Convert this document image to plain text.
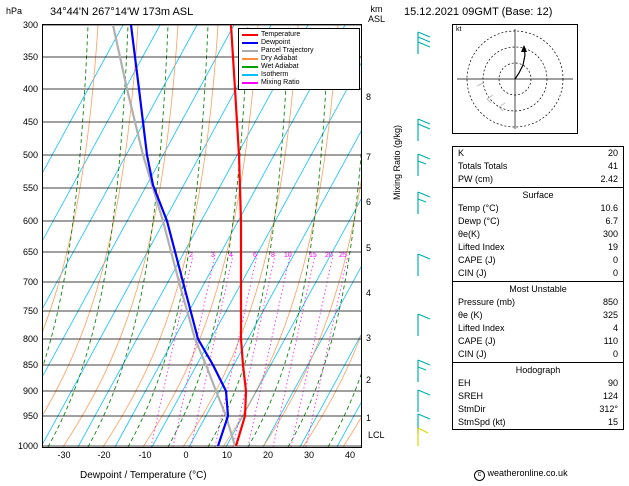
hPa	34°44'N 267°14'W 173m ASL	km
ASL
15.12.2021 09GMT (Base: 12)
2	3 4	6 8 10 15 20 25
Temperature
Dewpoint
Parcel Trajectory
Dry Adiabat
Wet Adiabat
Isotherm
Mixing Ratio
300
350
400
450
500
550
600
650
700
750
800
850
900
950
1000
1
2
3
4
5
6
7
8
LCL
Mixing Ratio (g/kg)
-30	-20	-10	0	10	20	30	40
Dewpoint / Temperature (°C)
kt
K	20
Totals Totals	41
PW (cm)	2.42
Surface
Temp (°C)	10.6
Dewp (°C)	6.7
θe(K)	300
Lifted Index	19
CAPE (J)	0
CIN (J)	0
Most Unstable
Pressure (mb)	850
θe (K)	325
Lifted Index	4
CAPE (J)	110
CIN (J)	0
Hodograph
EH	90
SREH	124
StmDir	312°
StmSpd (kt)	15
c weatheronline.co.uk
